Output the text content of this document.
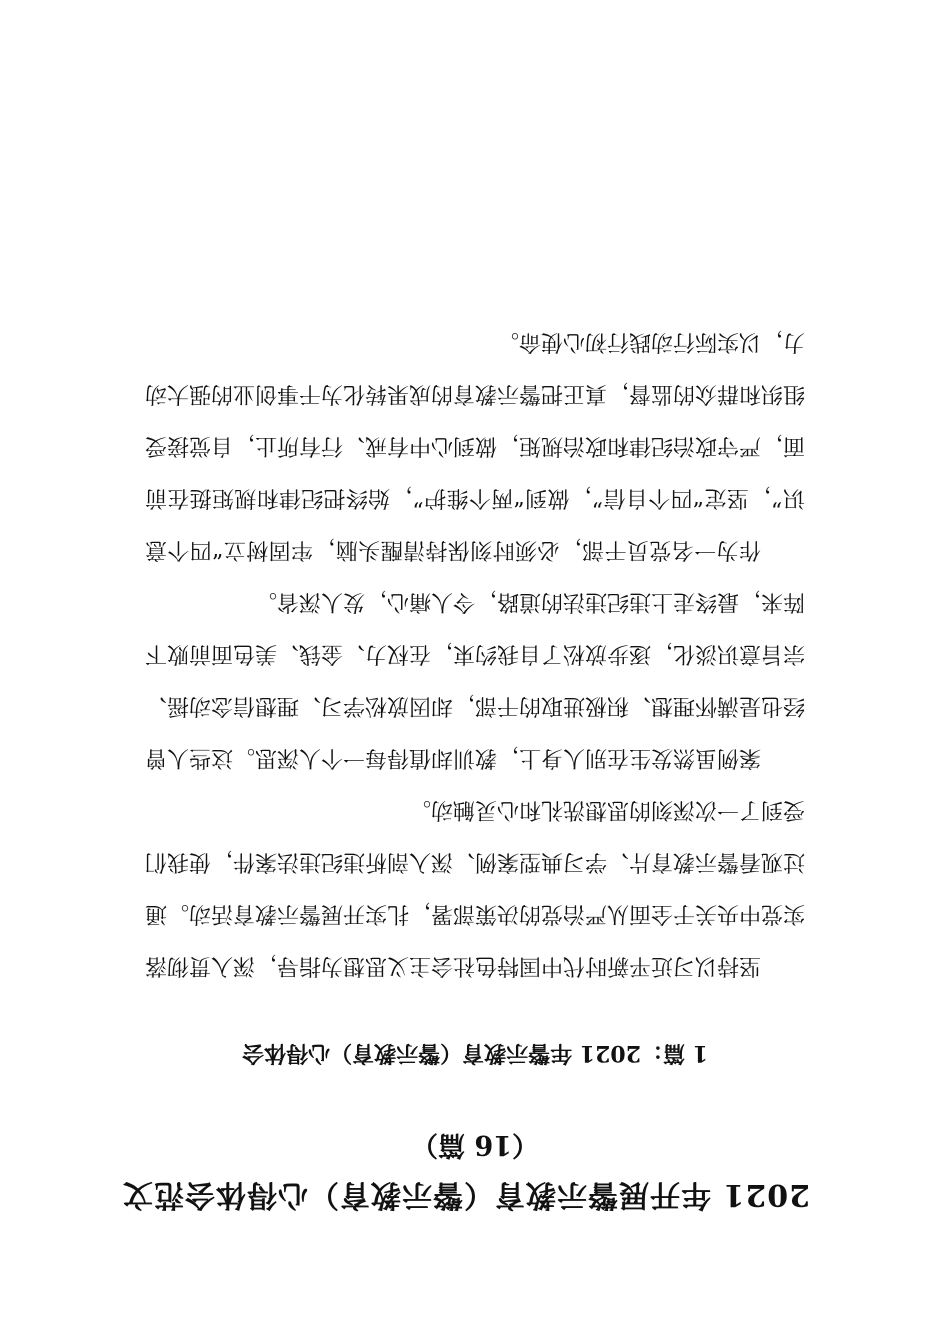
2021 年开展警示教育（警示教育）心得体会范文
（16 篇）
1 篇：2021 年警示教育（警示教育）心得体会

坚持以习近平新时代中国特色社会主义思想为指导，深入贯彻落实党中央关于全面从严治党的决策部署，扎实开展警示教育活动。通过观看警示教育片、学习典型案例、深入剖析违纪违法案件，使我们受到了一次深刻的思想洗礼和心灵触动。

案例虽然发生在别人身上，教训却值得每一个人深思。这些人曾经也是满怀理想、积极进取的干部，却因放松学习、理想信念动摇、宗旨意识淡化，逐步放松了自我约束，在权力、金钱、美色面前败下阵来，最终走上违纪违法的道路，令人痛心，发人深省。

作为一名党员干部，必须时刻保持清醒头脑，牢固树立“四个意识”，坚定“四个自信”，做到“两个维护”，始终把纪律和规矩挺在前面，严守政治纪律和政治规矩，做到心中有戒、行有所止，自觉接受组织和群众的监督，真正把警示教育的成果转化为干事创业的强大动力，以实际行动践行初心使命。
